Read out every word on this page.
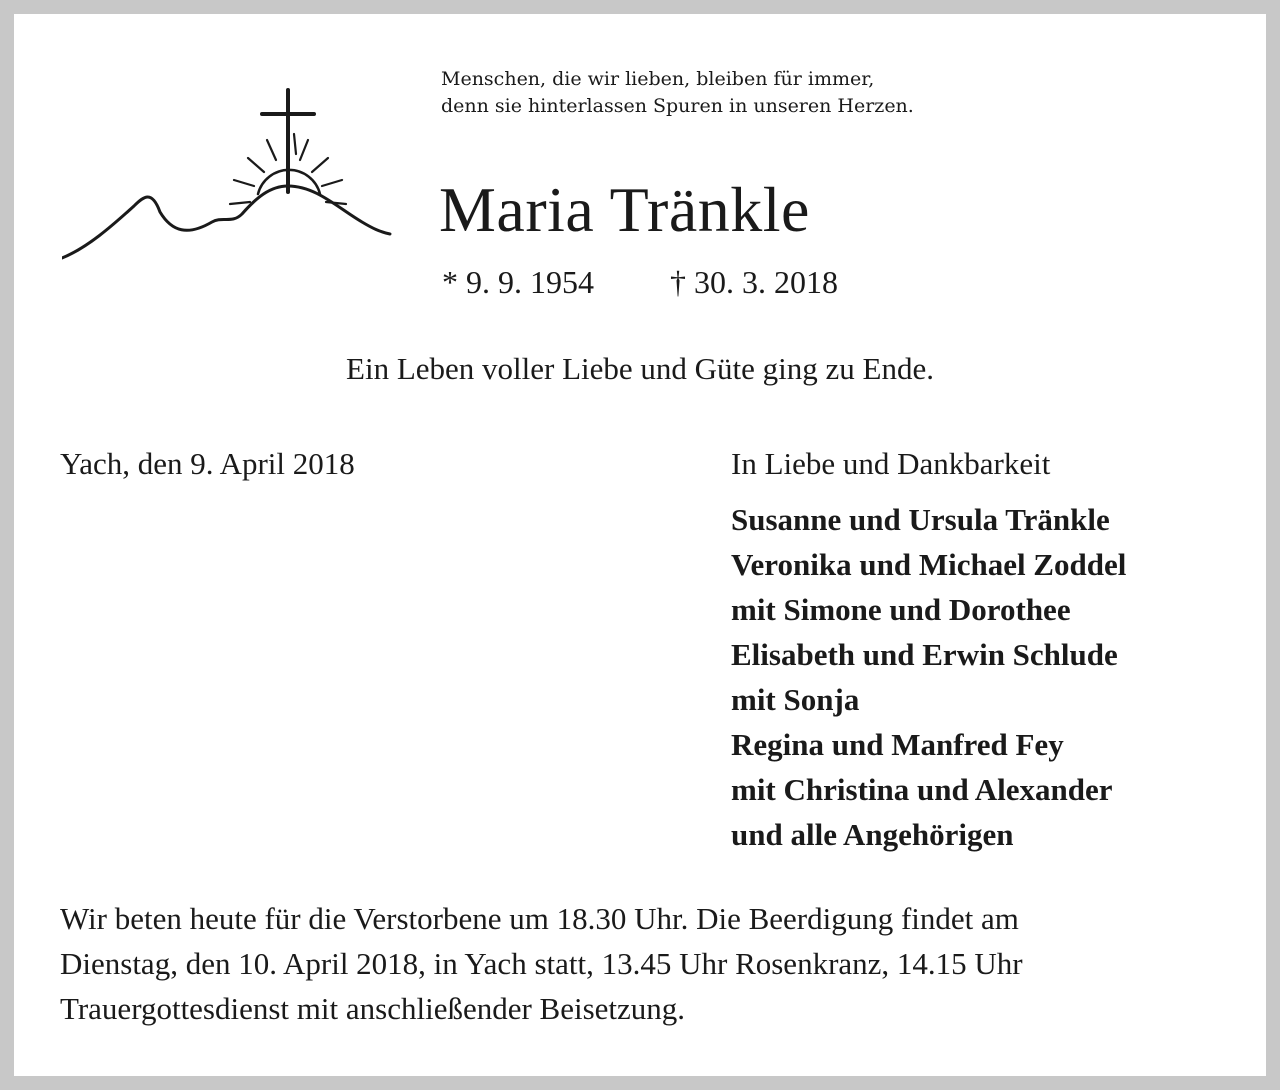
Menschen, die wir lieben, bleiben für immer,
denn sie hinterlassen Spuren in unseren Herzen.
Maria Tränkle
* 9. 9. 1954 † 30. 3. 2018
Ein Leben voller Liebe und Güte ging zu Ende.
Yach, den 9. April 2018	In Liebe und Dankbarkeit
Susanne und Ursula Tränkle
Veronika und Michael Zoddel
mit Simone und Dorothee
Elisabeth und Erwin Schlude
mit Sonja
Regina und Manfred Fey
mit Christina und Alexander
und alle Angehörigen
Wir beten heute für die Verstorbene um 18.30 Uhr. Die Beerdigung findet am
Dienstag, den 10. April 2018, in Yach statt, 13.45 Uhr Rosenkranz, 14.15 Uhr
Trauergottesdienst mit anschließender Beisetzung.
